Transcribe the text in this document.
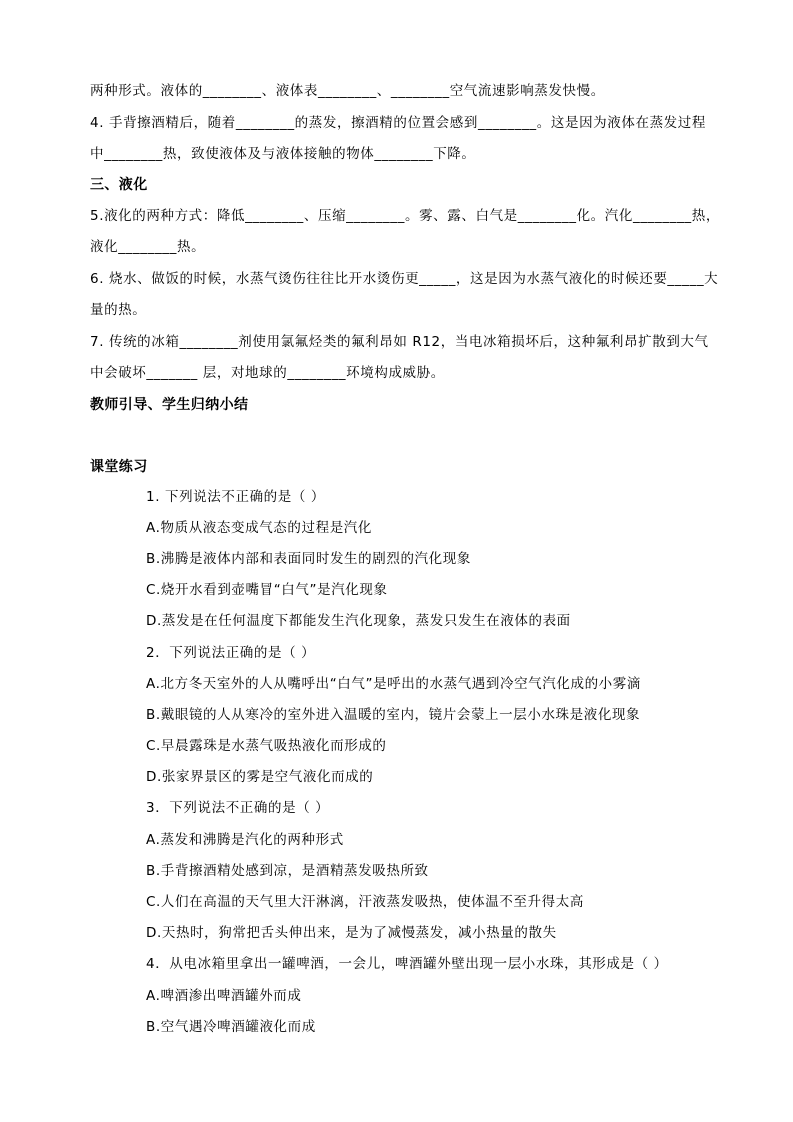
两种形式。液体的________、液体表________、________空气流速影响蒸发快慢。
4. 手背擦酒精后，随着________的蒸发，擦酒精的位置会感到________。这是因为液体在蒸发过程
中________热，致使液体及与液体接触的物体________下降。
三、液化
5.液化的两种方式：降低________、压缩________。雾、露、白气是________化。汽化________热，
液化________热。
6. 烧水、做饭的时候，水蒸气烫伤往往比开水烫伤更_____，这是因为水蒸气液化的时候还要_____大
量的热。
7. 传统的冰箱________剂使用氯氟烃类的氟利昂如 R12，当电冰箱损坏后，这种氟利昂扩散到大气
中会破坏_______ 层，对地球的________环境构成威胁。
教师引导、学生归纳小结
课堂练习
1. 下列说法不正确的是（ ）
A.物质从液态变成气态的过程是汽化
B.沸腾是液体内部和表面同时发生的剧烈的汽化现象
C.烧开水看到壶嘴冒“白气”是汽化现象
D.蒸发是在任何温度下都能发生汽化现象，蒸发只发生在液体的表面
2．下列说法正确的是（ ）
A.北方冬天室外的人从嘴呼出“白气”是呼出的水蒸气遇到冷空气汽化成的小雾滴
B.戴眼镜的人从寒冷的室外进入温暖的室内，镜片会蒙上一层小水珠是液化现象
C.早晨露珠是水蒸气吸热液化而形成的
D.张家界景区的雾是空气液化而成的
3．下列说法不正确的是（ ）
A.蒸发和沸腾是汽化的两种形式
B.手背擦酒精处感到凉，是酒精蒸发吸热所致
C.人们在高温的天气里大汗淋漓，汗液蒸发吸热，使体温不至升得太高
D.天热时，狗常把舌头伸出来，是为了减慢蒸发，减小热量的散失
4．从电冰箱里拿出一罐啤酒，一会儿，啤酒罐外壁出现一层小水珠，其形成是（ ）
A.啤酒渗出啤酒罐外而成
B.空气遇冷啤酒罐液化而成
